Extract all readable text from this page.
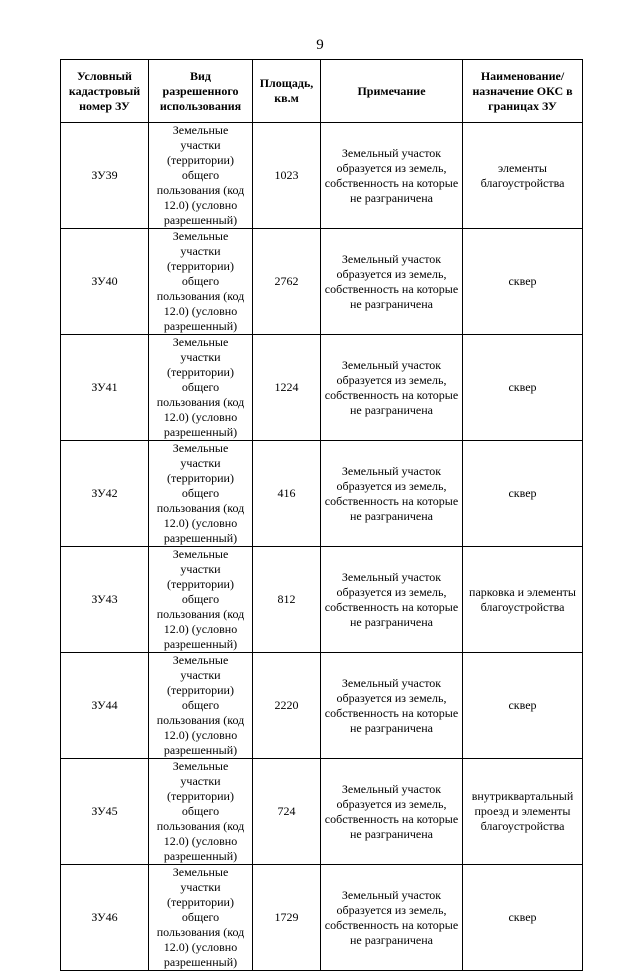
9
Условный кадастровый номер ЗУ	Вид разрешенного использования	Площадь, кв.м	Примечание	Наименование/ назначение ОКС в границах ЗУ
ЗУ39	Земельные участки (территории) общего пользования (код 12.0) (условно разрешенный)	1023	Земельный участок образуется из земель, собственность на которые не разграничена	элементы благоустройства
ЗУ40	Земельные участки (территории) общего пользования (код 12.0) (условно разрешенный)	2762	Земельный участок образуется из земель, собственность на которые не разграничена	сквер
ЗУ41	Земельные участки (территории) общего пользования (код 12.0) (условно разрешенный)	1224	Земельный участок образуется из земель, собственность на которые не разграничена	сквер
ЗУ42	Земельные участки (территории) общего пользования (код 12.0) (условно разрешенный)	416	Земельный участок образуется из земель, собственность на которые не разграничена	сквер
ЗУ43	Земельные участки (территории) общего пользования (код 12.0) (условно разрешенный)	812	Земельный участок образуется из земель, собственность на которые не разграничена	парковка и элементы благоустройства
ЗУ44	Земельные участки (территории) общего пользования (код 12.0) (условно разрешенный)	2220	Земельный участок образуется из земель, собственность на которые не разграничена	сквер
ЗУ45	Земельные участки (территории) общего пользования (код 12.0) (условно разрешенный)	724	Земельный участок образуется из земель, собственность на которые не разграничена	внутриквартальный проезд и элементы благоустройства
ЗУ46	Земельные участки (территории) общего пользования (код 12.0) (условно разрешенный)	1729	Земельный участок образуется из земель, собственность на которые не разграничена	сквер
